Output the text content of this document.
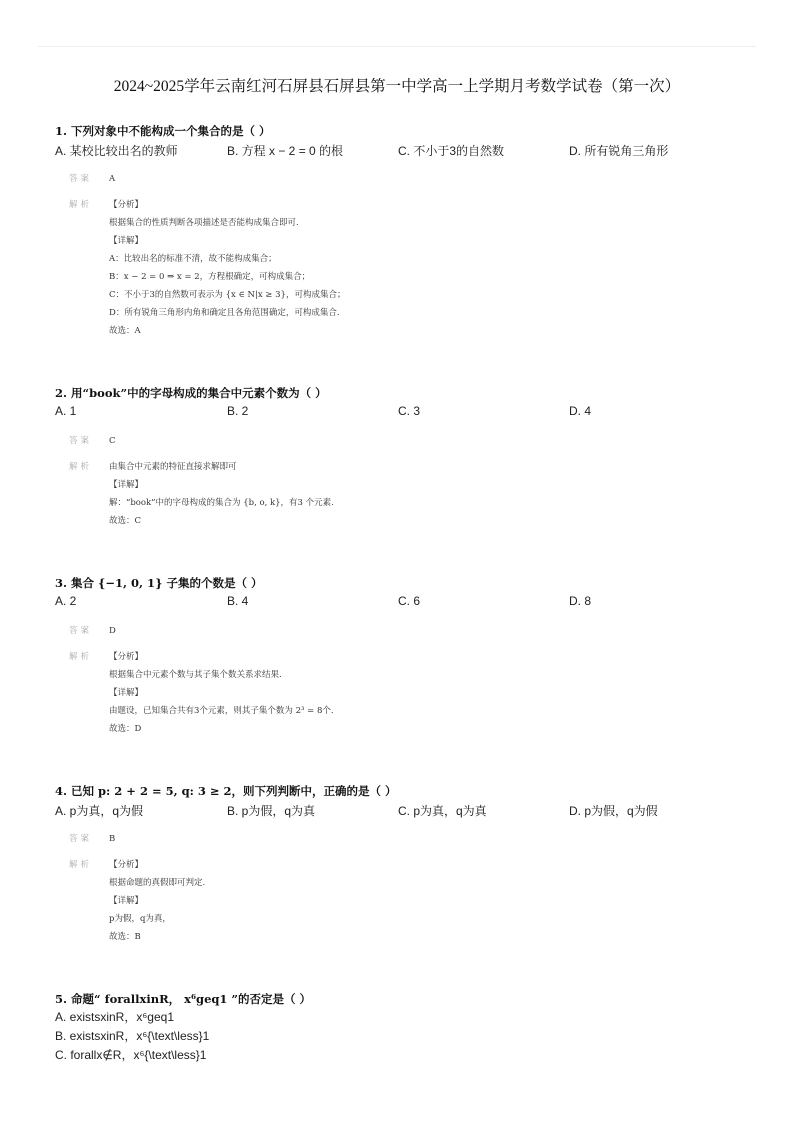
2024~2025学年云南红河石屏县石屏县第一中学高一上学期月考数学试卷（第一次）
1. 下列对象中不能构成一个集合的是（ ）
A. 某校比较出名的教师	B. 方程 x − 2 = 0 的根	C. 不小于3的自然数	D. 所有锐角三角形
答案 A
解析 【分析】
根据集合的性质判断各项描述是否能构成集合即可.
【详解】
A：比较出名的标准不清，故不能构成集合；
B：x − 2 = 0 ⇒ x = 2，方程根确定，可构成集合；
C：不小于3的自然数可表示为 {x ∈ N|x ≥ 3}，可构成集合；
D：所有锐角三角形内角和确定且各角范围确定，可构成集合.
故选：A
2. 用“book”中的字母构成的集合中元素个数为（ ）
A. 1	B. 2	C. 3	D. 4
答案 C
解析 由集合中元素的特征直接求解即可
【详解】
解：“book”中的字母构成的集合为 {b, o, k}，有3 个元素.
故选：C
3. 集合 {−1, 0, 1} 子集的个数是（ ）
A. 2	B. 4	C. 6	D. 8
答案 D
解析 【分析】
根据集合中元素个数与其子集个数关系求结果.
【详解】
由题设，已知集合共有3个元素，则其子集个数为 2³ = 8个.
故选：D
4. 已知 p: 2 + 2 = 5, q: 3 ≥ 2，则下列判断中，正确的是（ ）
A. p为真，q为假	B. p为假，q为真	C. p为真，q为真	D. p为假，q为假
答案 B
解析 【分析】
根据命题的真假即可判定.
【详解】
p为假，q为真，
故选：B
5. 命题“ forallxinR， x⁶geq1 ”的否定是（ ）
A. existsxinR，x⁶geq1
B. existsxinR，x⁶{\text\less}1
C. forallx∉R，x⁶{\text\less}1
